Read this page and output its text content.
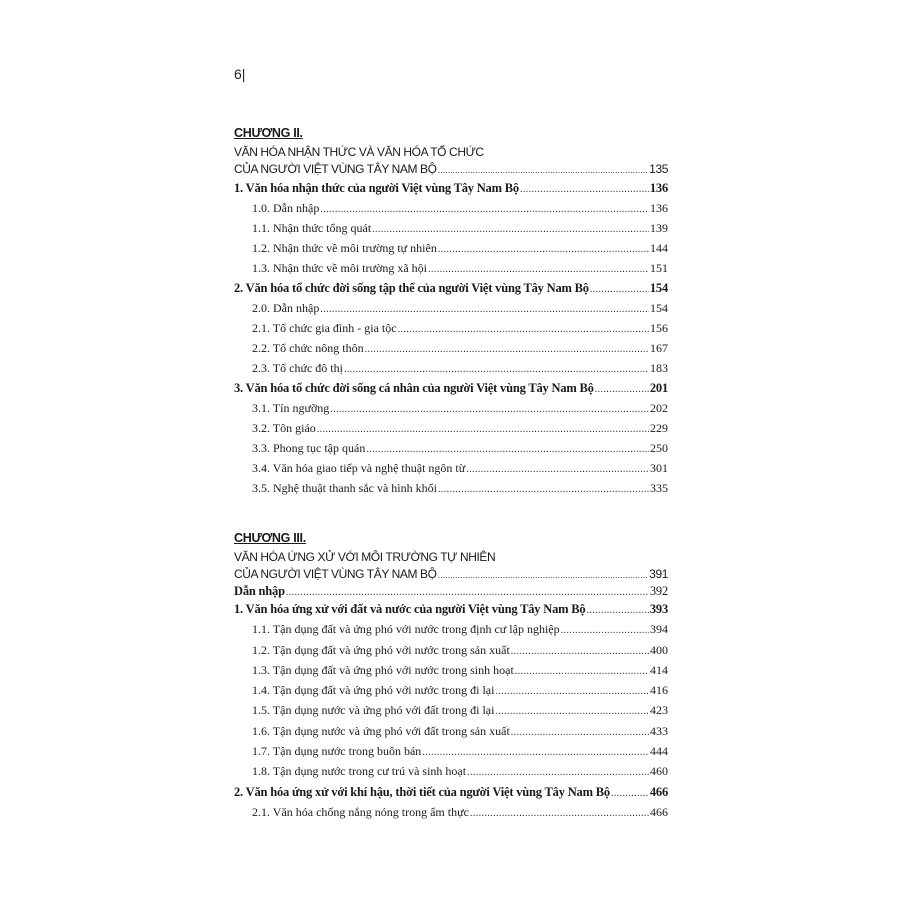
6|
CHƯƠNG II.
VĂN HÓA NHẬN THỨC VÀ VĂN HÓA TỔ CHỨC
CỦA NGƯỜI VIỆT VÙNG TÂY NAM BỘ .....	135
1. Văn hóa nhận thức của người Việt vùng Tây Nam Bộ .....	136
1.0. Dẫn nhập .....	136
1.1. Nhận thức tổng quát .....	139
1.2. Nhận thức về môi trường tự nhiên .....	144
1.3. Nhận thức về môi trường xã hội .....	151
2. Văn hóa tổ chức đời sống tập thể của người Việt vùng Tây Nam Bộ .....	154
2.0. Dẫn nhập .....	154
2.1. Tổ chức gia đình - gia tộc .....	156
2.2. Tổ chức nông thôn .....	167
2.3. Tổ chức đô thị .....	183
3. Văn hóa tổ chức đời sống cá nhân của người Việt vùng Tây Nam Bộ .....	201
3.1. Tín ngưỡng .....	202
3.2. Tôn giáo .....	229
3.3. Phong tục tập quán .....	250
3.4. Văn hóa giao tiếp và nghệ thuật ngôn từ .....	301
3.5. Nghệ thuật thanh sắc và hình khối .....	335
CHƯƠNG III.
VĂN HÓA ỨNG XỬ VỚI MÔI TRƯỜNG TỰ NHIÊN
CỦA NGƯỜI VIỆT VÙNG TÂY NAM BỘ .....	391
Dẫn nhập .....	392
1. Văn hóa ứng xử với đất và nước của người Việt vùng Tây Nam Bộ .....	393
1.1. Tận dụng đất và ứng phó với nước trong định cư lập nghiệp .....	394
1.2. Tận dụng đất và ứng phó với nước trong sản xuất .....	400
1.3. Tận dụng đất và ứng phó với nước trong sinh hoạt .....	414
1.4. Tận dụng đất và ứng phó với nước trong đi lại .....	416
1.5. Tận dụng nước và ứng phó với đất trong đi lại .....	423
1.6. Tận dụng nước và ứng phó với đất trong sản xuất .....	433
1.7. Tận dụng nước trong buôn bán .....	444
1.8. Tận dụng nước trong cư trú và sinh hoạt .....	460
2. Văn hóa ứng xử với khí hậu, thời tiết của người Việt vùng Tây Nam Bộ .....	466
2.1. Văn hóa chống nắng nóng trong ẩm thực .....	466
